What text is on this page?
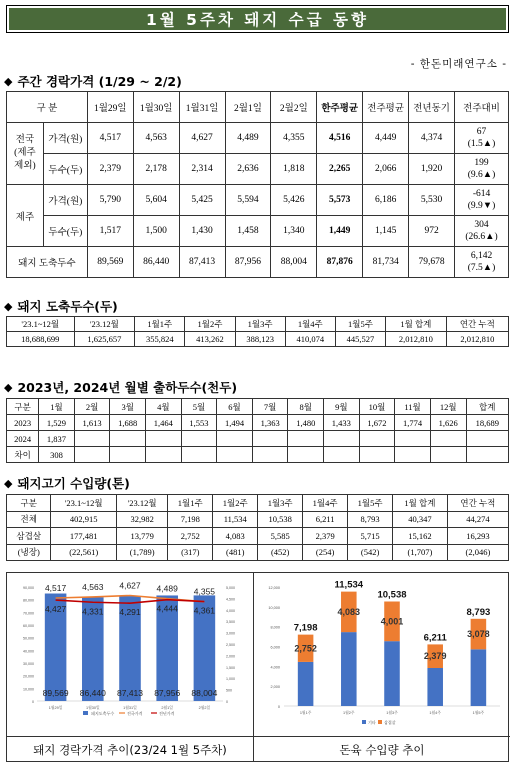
1월 5주차 돼지 수급 동향
- 한돈미래연구소 -
◆ 주간 경락가격 (1/29 ~ 2/2)
구 분		1월29일	1월30일	1월31일	2월1일	2월2일	한주평균	전주평균	전년동기	전주대비
전국
(제주
제외)	가격(원)	4,517	4,563	4,627	4,489	4,355	4,516	4,449	4,374	67
(1.5▲)
	두수(두)	2,379	2,178	2,314	2,636	1,818	2,265	2,066	1,920	199
(9.6▲)
제주	가격(원)	5,790	5,604	5,425	5,594	5,426	5,573	6,186	5,530	-614
(9.9▼)
	두수(두)	1,517	1,500	1,430	1,458	1,340	1,449	1,145	972	304
(26.6▲)
돼지 도축두수		89,569	86,440	87,413	87,956	88,004	87,876	81,734	79,678	6,142
(7.5▲)
◆ 돼지 도축두수(두)
'23.1~12월	'23.12월	1월1주	1월2주	1월3주	1월4주	1월5주	1월 합계	연간 누적
18,688,699	1,625,657	355,824	413,262	388,123	410,074	445,527	2,012,810	2,012,810
◆ 2023년, 2024년 월별 출하두수(천두)
구분	1월	2월	3월	4월	5월	6월	7월	8월	9월	10월	11월	12월	합계
2023	1,529	1,613	1,688	1,464	1,553	1,494	1,363	1,480	1,433	1,672	1,774	1,626	18,689
2024	1,837												
차이	308												
◆ 돼지고기 수입량(톤)
구분	'23.1~12월	'23.12월	1월1주	1월2주	1월3주	1월4주	1월5주	1월 합계	연간 누적
전체	402,915	32,982	7,198	11,534	10,538	6,211	8,793	40,347	44,274
삼겹살	177,481	13,779	2,752	4,083	5,585	2,379	5,715	15,162	16,293
(냉장)	(22,561)	(1,789)	(317)	(481)	(452)	(254)	(542)	(1,707)	(2,046)
90,000
80,000
70,000
60,000
50,000
40,000
30,000
20,000
10,000
0
5,000
4,500
4,000
3,500
3,000
2,500
2,000
1,500
1,000
500
0
89,569
1월29일
86,440
1월30일
87,413
1월31일
87,956
2월1일
88,004
2월2일
4,517 4,563 4,627 4,489 4,355
4,427 4,331 4,291 4,444 4,361
돼지도축두수	전국가격	전년가격
12,000
10,000
8,000
6,000
4,000
2,000
0
2,752
7,198
1월1주
4,083
11,534
1월2주
4,001
10,538
1월3주
2,379
6,211
1월4주
3,078
8,793
1월5주
기타 삼겹살
돼지 경락가격 추이(23/24 1월 5주차)	돈육 수입량 추이
